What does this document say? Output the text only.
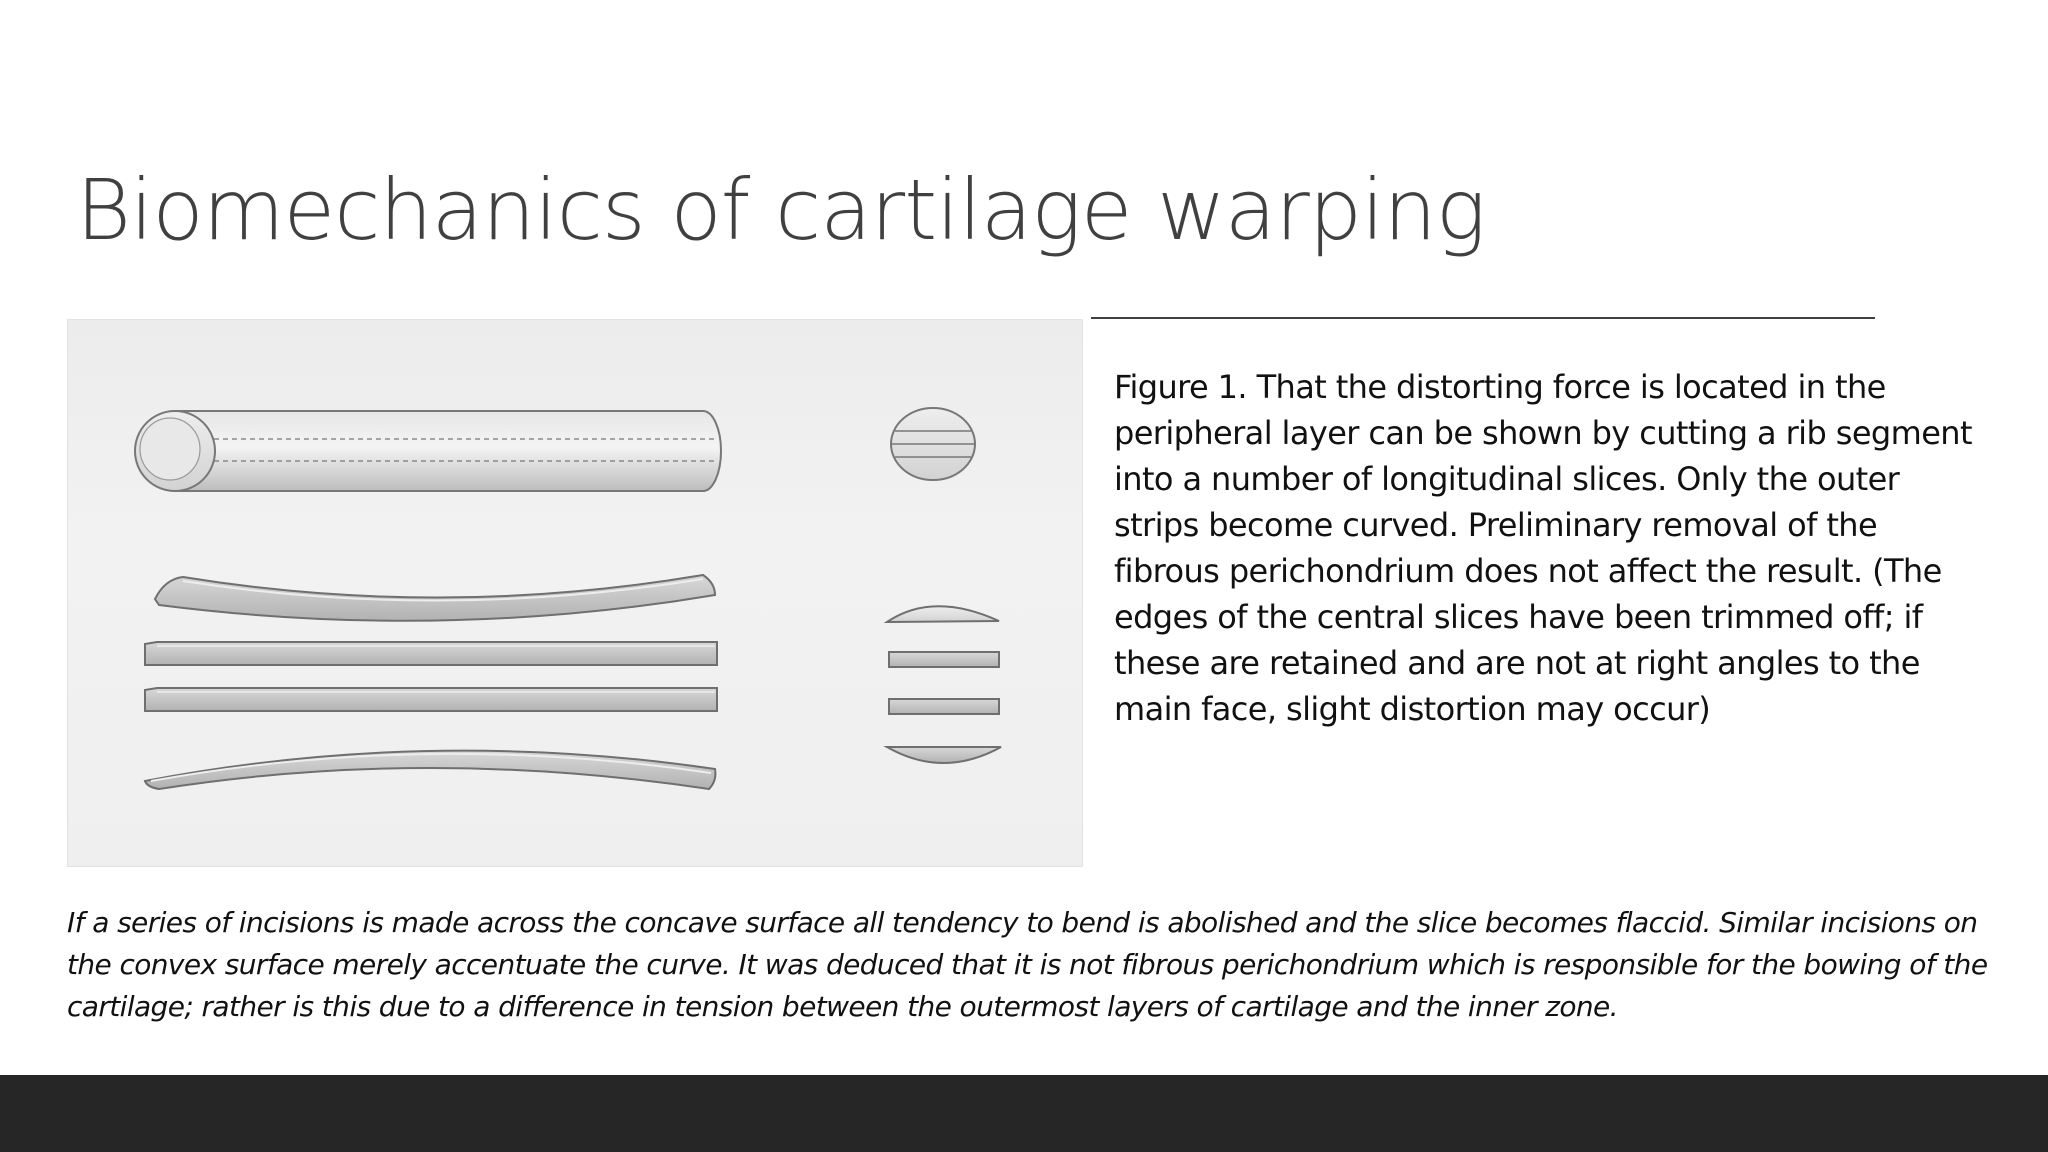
Biomechanics of cartilage warping

Figure 1. That the distorting force is located in the peripheral layer can be shown by cutting a rib segment into a number of longitudinal slices. Only the outer strips become curved. Preliminary removal of the fibrous perichondrium does not affect the result. (The edges of the central slices have been trimmed off; if these are retained and are not at right angles to the main face, slight distortion may occur)

If a series of incisions is made across the concave surface all tendency to bend is abolished and the slice becomes flaccid. Similar incisions on the convex surface merely accentuate the curve. It was deduced that it is not fibrous perichondrium which is responsible for the bowing of the cartilage; rather is this due to a difference in tension between the outermost layers of cartilage and the inner zone.
